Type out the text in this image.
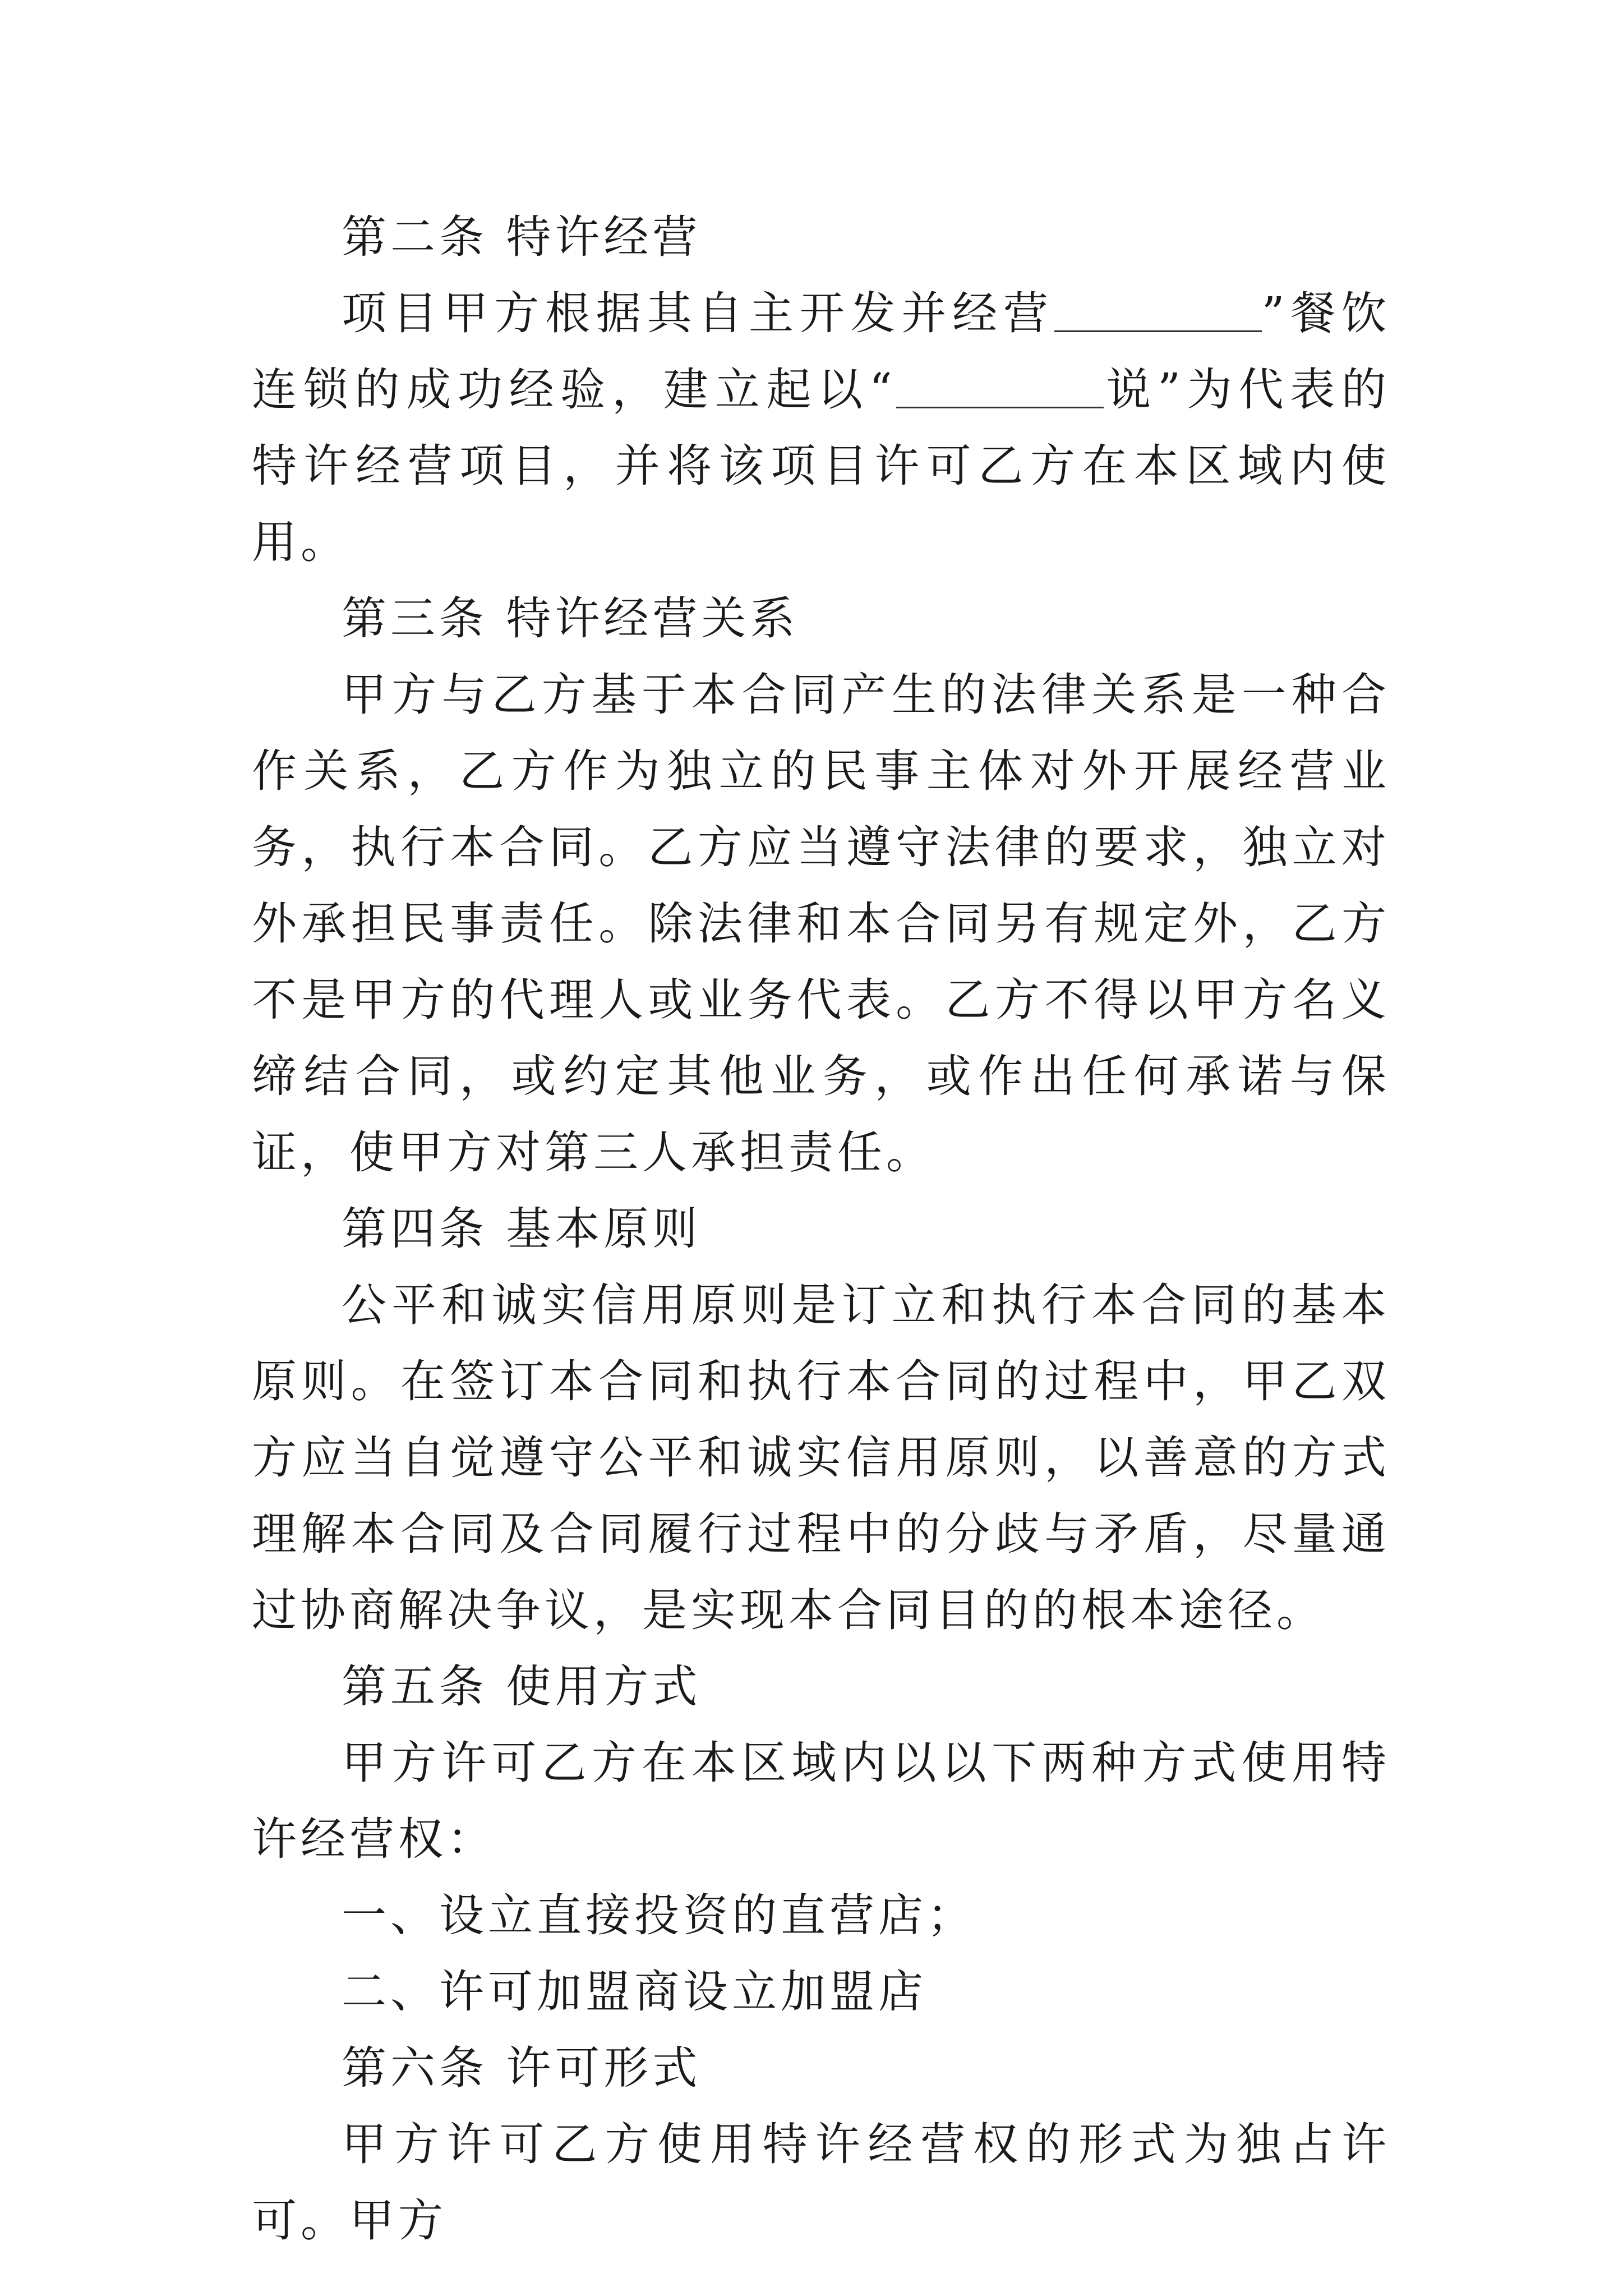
第二条 特许经营

项目甲方根据其自主开发并经营	”餐饮连锁的成功经验，建立起以“	说”为代表的特许经营项目，并将该项目许可乙方在本区域内使用。

第三条 特许经营关系

甲方与乙方基于本合同产生的法律关系是一种合作关系，乙方作为独立的民事主体对外开展经营业务，执行本合同。乙方应当遵守法律的要求，独立对外承担民事责任。除法律和本合同另有规定外，乙方不是甲方的代理人或业务代表。乙方不得以甲方名义缔结合同，或约定其他业务，或作出任何承诺与保证，使甲方对第三人承担责任。

第四条 基本原则

公平和诚实信用原则是订立和执行本合同的基本原则。在签订本合同和执行本合同的过程中，甲乙双方应当自觉遵守公平和诚实信用原则，以善意的方式理解本合同及合同履行过程中的分歧与矛盾，尽量通过协商解决争议，是实现本合同目的的根本途径。

第五条 使用方式

甲方许可乙方在本区域内以以下两种方式使用特许经营权：

一、设立直接投资的直营店；

二、许可加盟商设立加盟店

第六条 许可形式

甲方许可乙方使用特许经营权的形式为独占许可。甲方
